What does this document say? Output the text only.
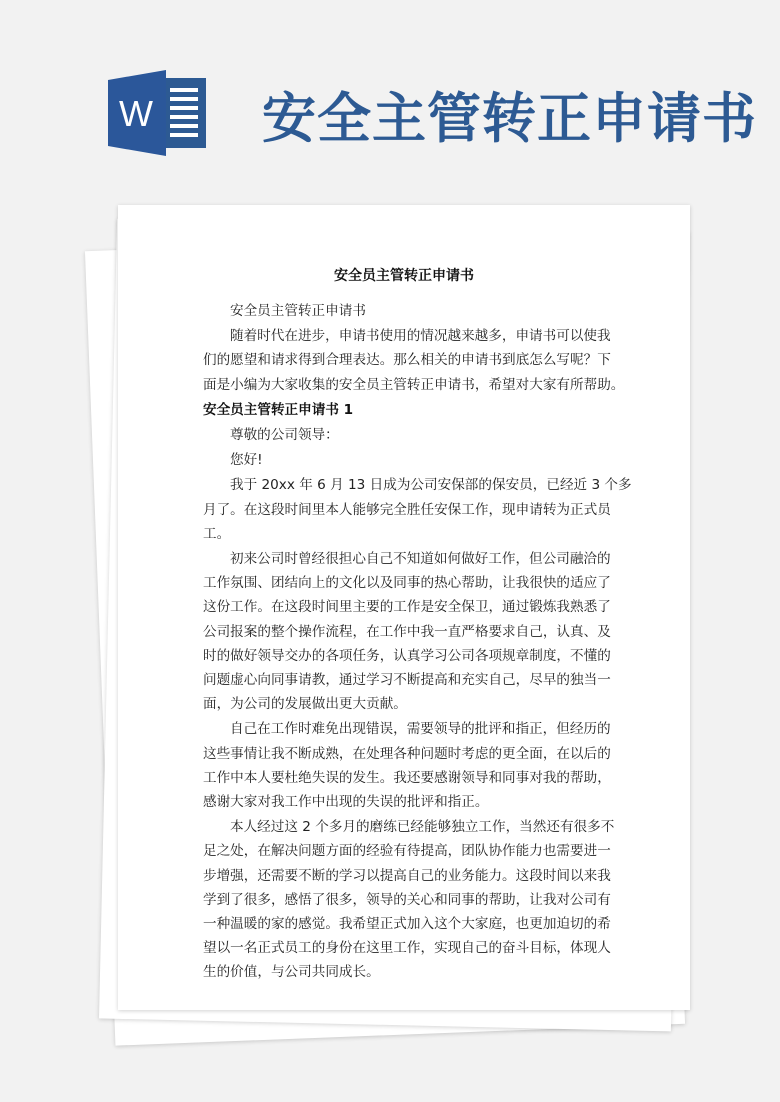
W 安全主管转正申请书
安全员主管转正申请书
安全员主管转正申请书
随着时代在进步，申请书使用的情况越来越多，申请书可以使我
们的愿望和请求得到合理表达。那么相关的申请书到底怎么写呢？下
面是小编为大家收集的安全员主管转正申请书，希望对大家有所帮助。
安全员主管转正申请书 1
尊敬的公司领导：
您好!
我于 20xx 年 6 月 13 日成为公司安保部的保安员，已经近 3 个多
月了。在这段时间里本人能够完全胜任安保工作，现申请转为正式员
工。
初来公司时曾经很担心自己不知道如何做好工作，但公司融洽的
工作氛围、团结向上的文化以及同事的热心帮助，让我很快的适应了
这份工作。在这段时间里主要的工作是安全保卫，通过锻炼我熟悉了
公司报案的整个操作流程，在工作中我一直严格要求自己，认真、及
时的做好领导交办的各项任务，认真学习公司各项规章制度，不懂的
问题虚心向同事请教，通过学习不断提高和充实自己，尽早的独当一
面，为公司的发展做出更大贡献。
自己在工作时难免出现错误，需要领导的批评和指正，但经历的
这些事情让我不断成熟，在处理各种问题时考虑的更全面，在以后的
工作中本人要杜绝失误的发生。我还要感谢领导和同事对我的帮助，
感谢大家对我工作中出现的失误的批评和指正。
本人经过这 2 个多月的磨练已经能够独立工作，当然还有很多不
足之处，在解决问题方面的经验有待提高，团队协作能力也需要进一
步增强，还需要不断的学习以提高自己的业务能力。这段时间以来我
学到了很多，感悟了很多，领导的关心和同事的帮助，让我对公司有
一种温暖的家的感觉。我希望正式加入这个大家庭，也更加迫切的希
望以一名正式员工的身份在这里工作，实现自己的奋斗目标，体现人
生的价值，与公司共同成长。
